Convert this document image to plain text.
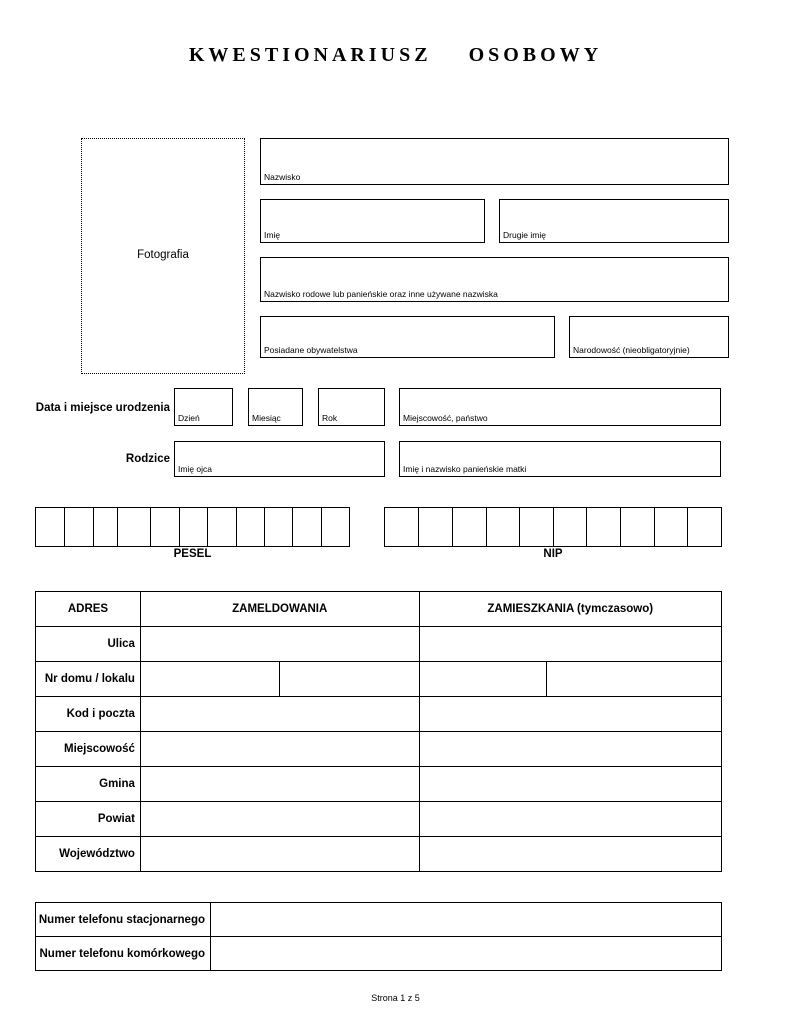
KWESTIONARIUSZ OSOBOWY
Fotografia
Nazwisko
Imię	Drugie imię
Nazwisko rodowe lub panieńskie oraz inne używane nazwiska
Posiadane obywatelstwa	Narodowość (nieobligatoryjnie)
Data i miejsce urodzenia
Dzień	Miesiąc	Rok	Miejscowość, państwo
Rodzice
Imię ojca	Imię i nazwisko panieńskie matki
PESEL	NIP
ADRES	ZAMELDOWANIA		ZAMIESZKANIA (tymczasowo)	
Ulica				
Nr domu / lokalu				
Kod i poczta				
Miejscowość				
Gmina				
Powiat				
Województwo				
Numer telefonu stacjonarnego	
Numer telefonu komórkowego	
Strona 1 z 5
